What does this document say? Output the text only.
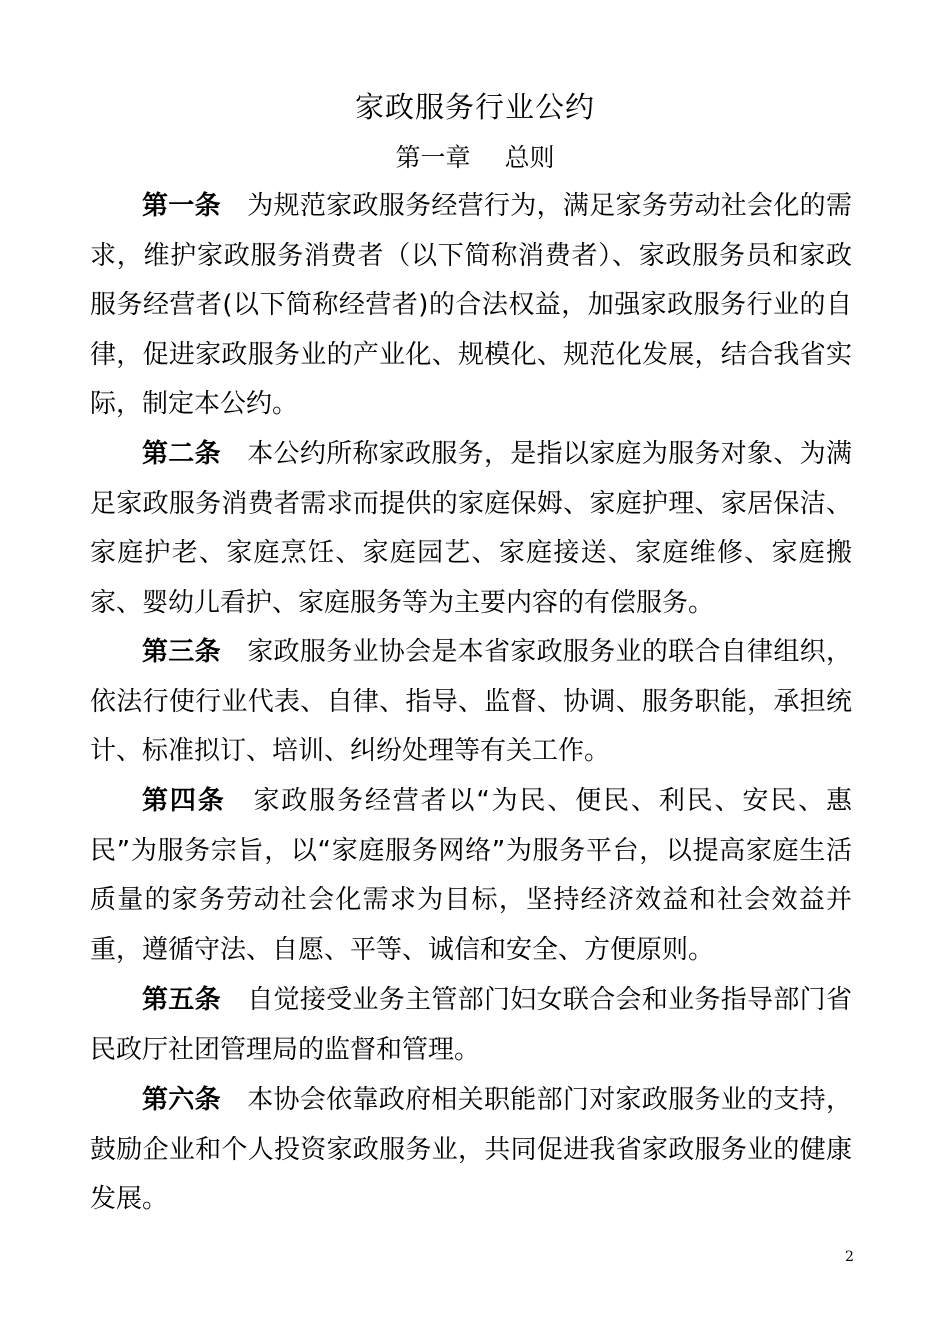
家政服务行业公约
第一章 总则

第一条 为规范家政服务经营行为，满足家务劳动社会化的需求，维护家政服务消费者（以下简称消费者）、家政服务员和家政服务经营者(以下简称经营者)的合法权益，加强家政服务行业的自律，促进家政服务业的产业化、规模化、规范化发展，结合我省实际，制定本公约。

第二条 本公约所称家政服务，是指以家庭为服务对象、为满足家政服务消费者需求而提供的家庭保姆、家庭护理、家居保洁、家庭护老、家庭烹饪、家庭园艺、家庭接送、家庭维修、家庭搬家、婴幼儿看护、家庭服务等为主要内容的有偿服务。

第三条 家政服务业协会是本省家政服务业的联合自律组织，依法行使行业代表、自律、指导、监督、协调、服务职能，承担统计、标准拟订、培训、纠纷处理等有关工作。

第四条 家政服务经营者以“为民、便民、利民、安民、惠民”为服务宗旨，以“家庭服务网络”为服务平台，以提高家庭生活质量的家务劳动社会化需求为目标，坚持经济效益和社会效益并重，遵循守法、自愿、平等、诚信和安全、方便原则。

第五条 自觉接受业务主管部门妇女联合会和业务指导部门省民政厅社团管理局的监督和管理。

第六条 本协会依靠政府相关职能部门对家政服务业的支持，鼓励企业和个人投资家政服务业，共同促进我省家政服务业的健康发展。

2
